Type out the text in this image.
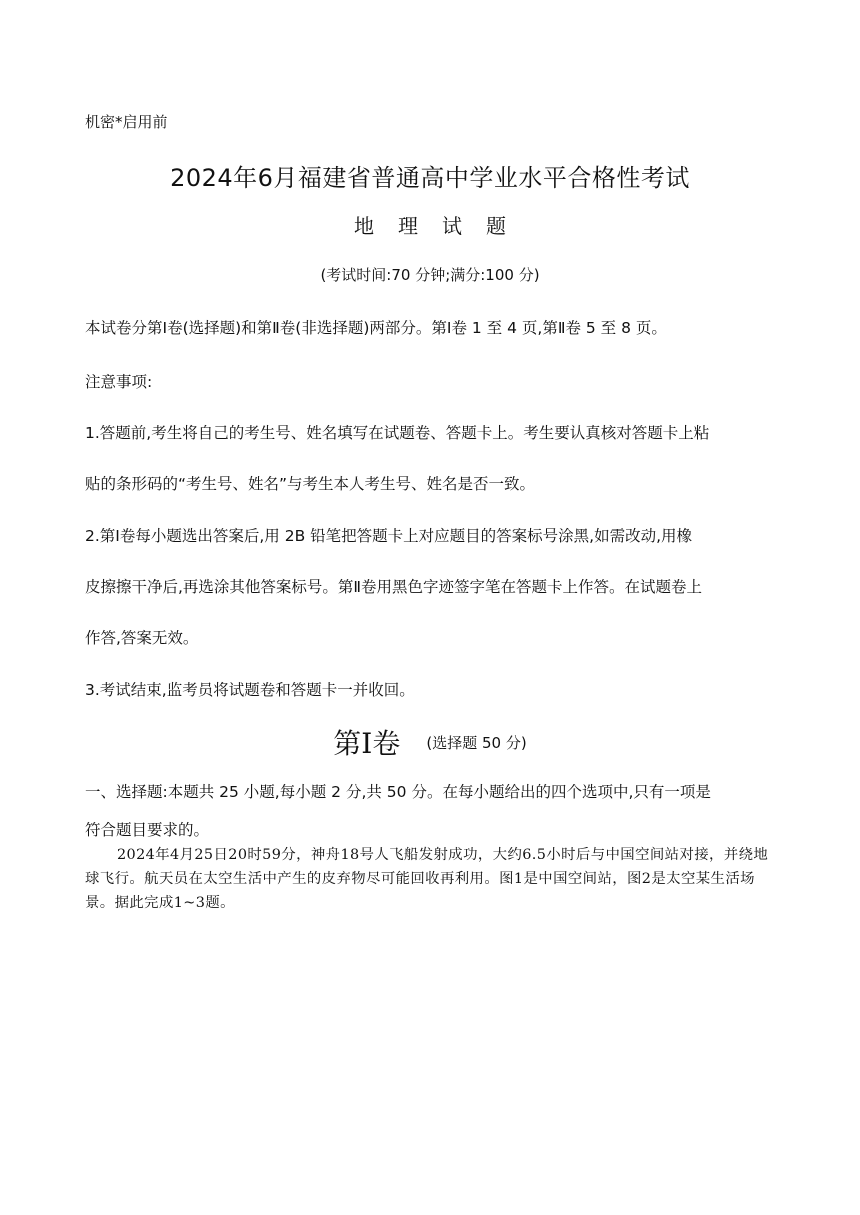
机密*启用前

2024年6月福建省普通高中学业水平合格性考试
地 理 试 题

(考试时间:70 分钟;满分:100 分)

本试卷分第Ⅰ卷(选择题)和第Ⅱ卷(非选择题)两部分。第Ⅰ卷 1 至 4 页,第Ⅱ卷 5 至 8 页。

注意事项:

1.答题前,考生将自己的考生号、姓名填写在试题卷、答题卡上。考生要认真核对答题卡上粘

贴的条形码的“考生号、姓名”与考生本人考生号、姓名是否一致。

2.第Ⅰ卷每小题选出答案后,用 2B 铅笔把答题卡上对应题目的答案标号涂黑,如需改动,用橡

皮擦擦干净后,再选涂其他答案标号。第Ⅱ卷用黑色字迹签字笔在答题卡上作答。在试题卷上

作答,答案无效。

3.考试结束,监考员将试题卷和答题卡一并收回。

第Ⅰ卷 (选择题 50 分)

一、选择题:本题共 25 小题,每小题 2 分,共 50 分。在每小题给出的四个选项中,只有一项是

符合题目要求的。

2024年4月25日20时59分，神舟18号人飞船发射成功，大约6.5小时后与中国空间站对接，并绕地球飞行。航天员在太空生活中产生的皮弃物尽可能回收再利用。图1是中国空间站，图2是太空某生活场景。据此完成1~3题。
